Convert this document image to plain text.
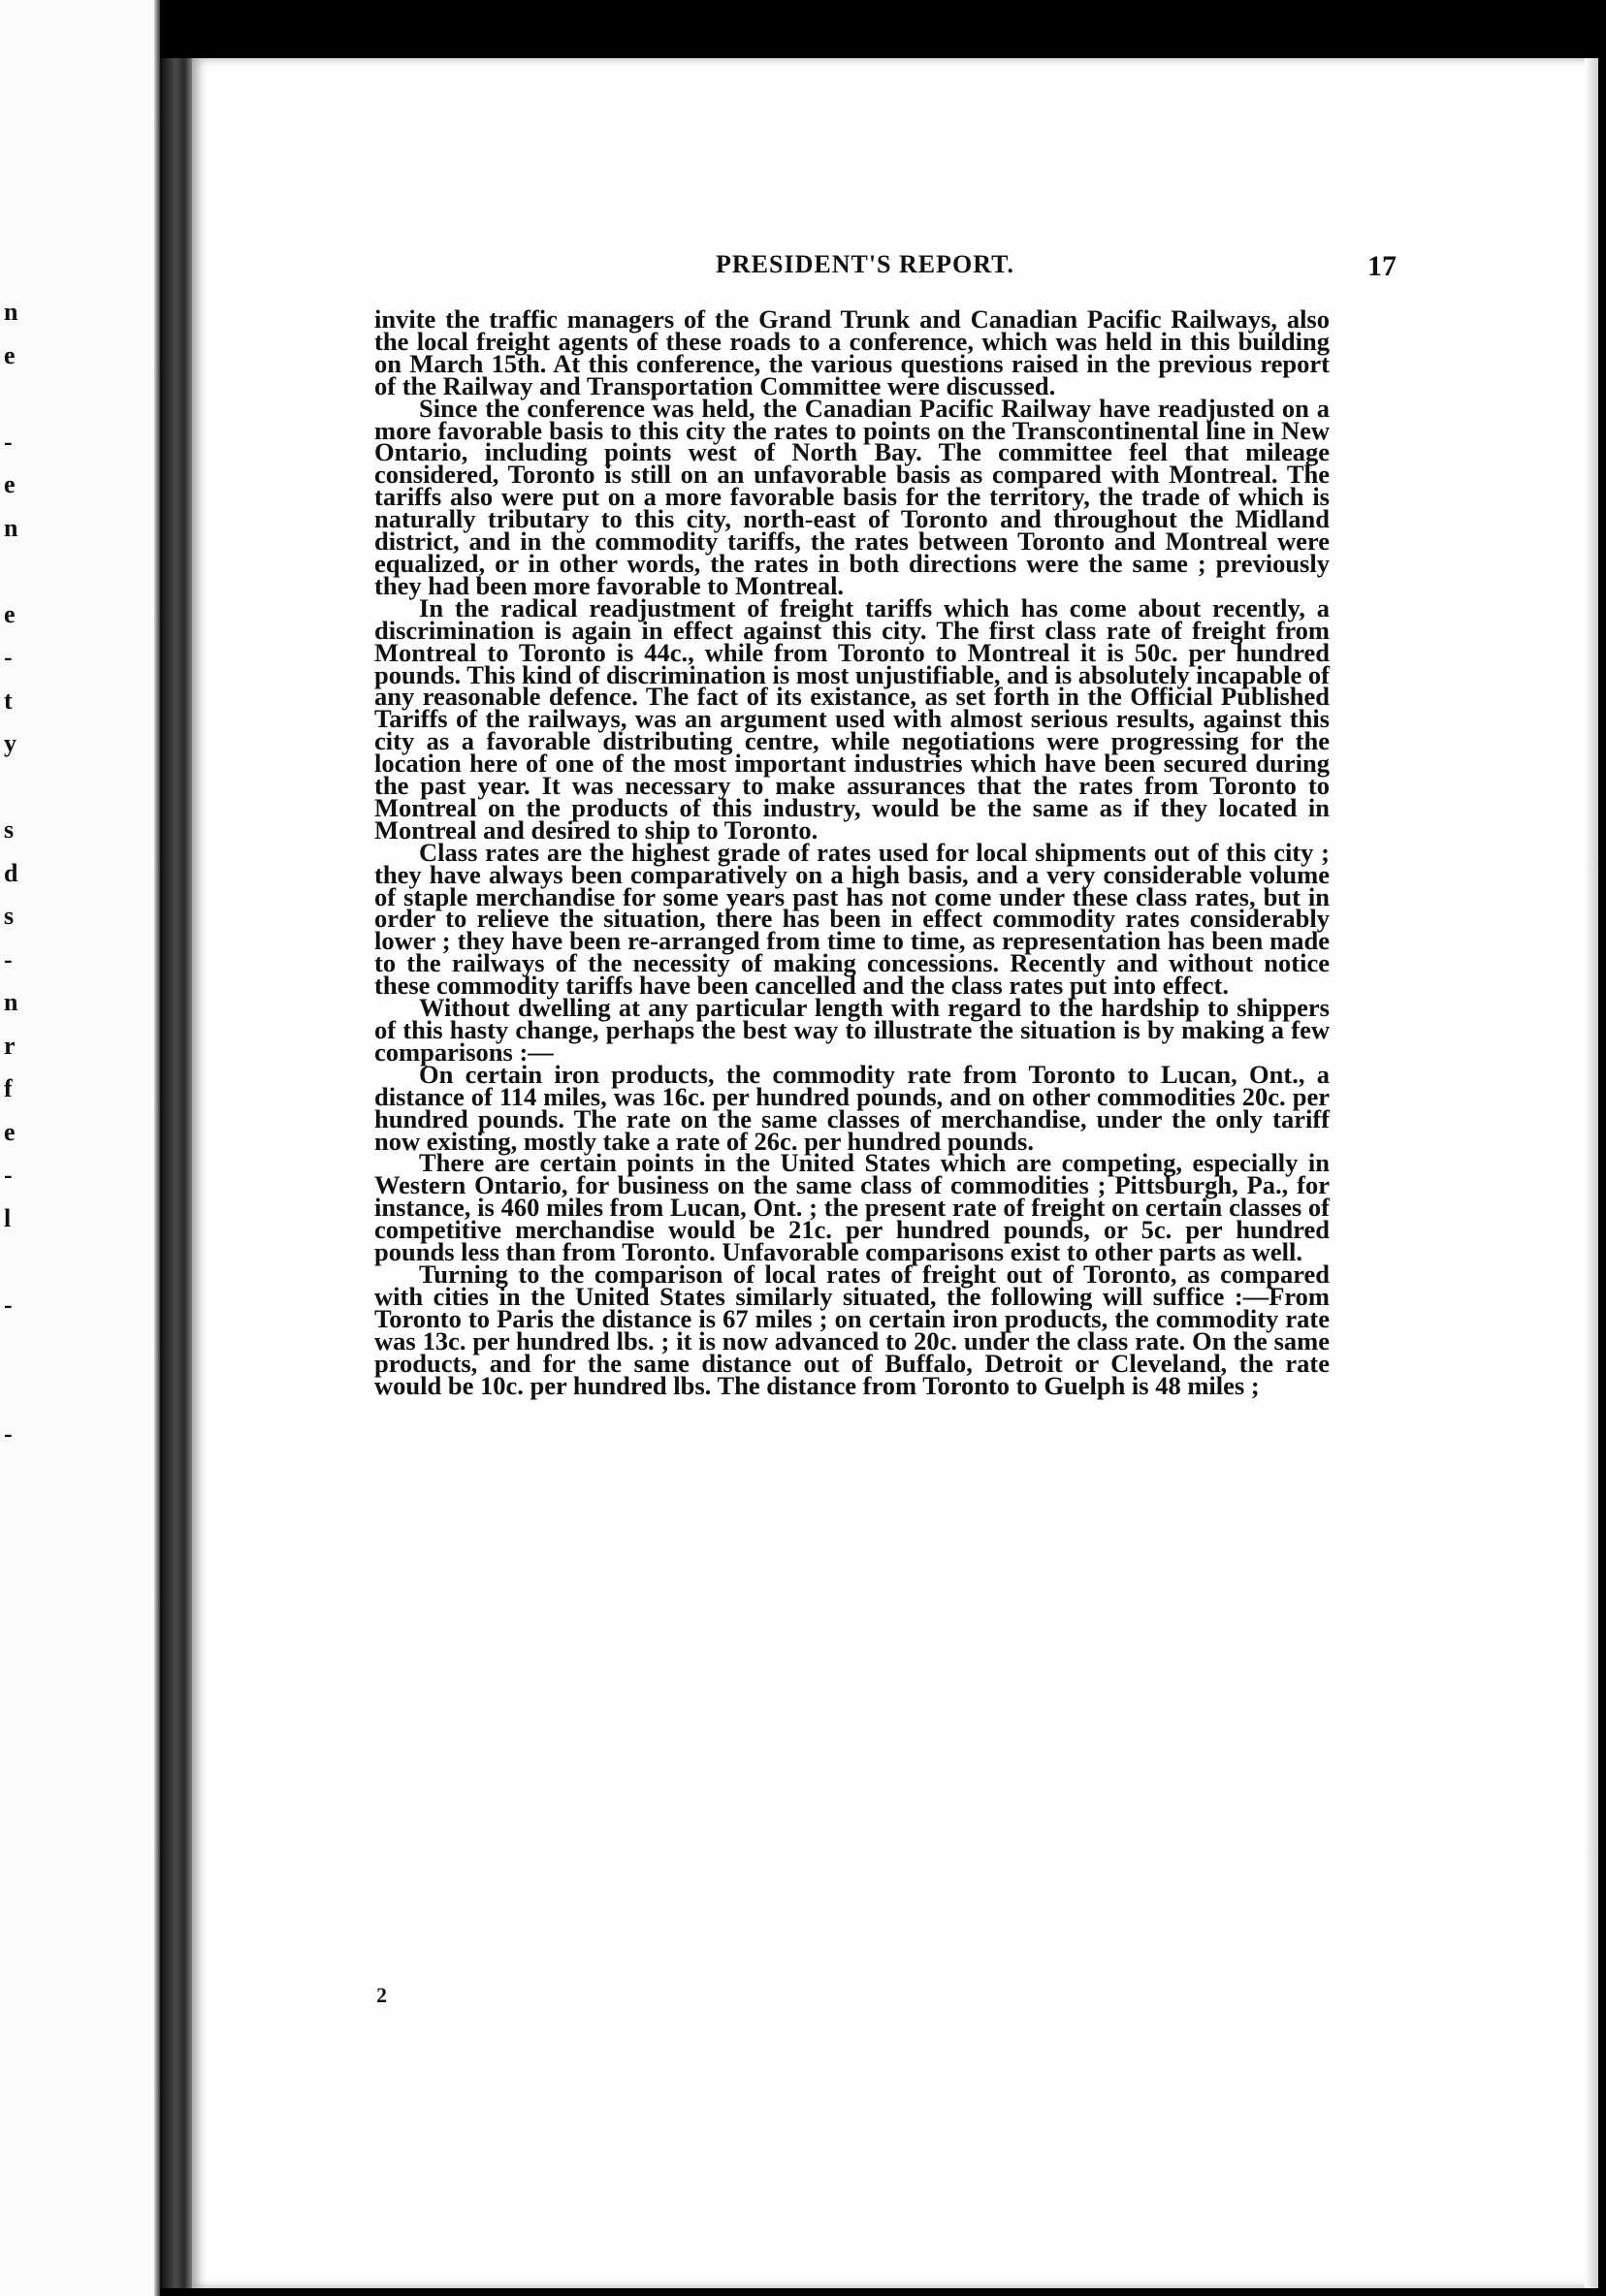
n
e
-
e
n
e
-
t
y
s
d
s
-
n
r
f
e
-
l
-
-
PRESIDENT'S REPORT.	17

invite the traffic managers of the Grand Trunk and Canadian Pacific Railways, also the local freight agents of these roads to a conference, which was held in this building on March 15th. At this conference, the various questions raised in the previous report of the Railway and Transportation Committee were discussed.

Since the conference was held, the Canadian Pacific Railway have readjusted on a more favorable basis to this city the rates to points on the Transcontinental line in New Ontario, including points west of North Bay. The committee feel that mileage considered, Toronto is still on an unfavorable basis as compared with Montreal. The tariffs also were put on a more favorable basis for the territory, the trade of which is naturally tributary to this city, north-east of Toronto and throughout the Midland district, and in the commodity tariffs, the rates between Toronto and Montreal were equalized, or in other words, the rates in both directions were the same ; previously they had been more favorable to Montreal.

In the radical readjustment of freight tariffs which has come about recently, a discrimination is again in effect against this city. The first class rate of freight from Montreal to Toronto is 44c., while from Toronto to Montreal it is 50c. per hundred pounds. This kind of discrimination is most unjustifiable, and is absolutely incapable of any reasonable defence. The fact of its existance, as set forth in the Official Published Tariffs of the railways, was an argument used with almost serious results, against this city as a favorable distributing centre, while negotiations were progressing for the location here of one of the most important industries which have been secured during the past year. It was necessary to make assurances that the rates from Toronto to Montreal on the products of this industry, would be the same as if they located in Montreal and desired to ship to Toronto.

Class rates are the highest grade of rates used for local shipments out of this city ; they have always been comparatively on a high basis, and a very considerable volume of staple merchandise for some years past has not come under these class rates, but in order to relieve the situation, there has been in effect commodity rates considerably lower ; they have been re-arranged from time to time, as representation has been made to the railways of the necessity of making concessions. Recently and without notice these commodity tariffs have been cancelled and the class rates put into effect.

Without dwelling at any particular length with regard to the hardship to shippers of this hasty change, perhaps the best way to illustrate the situation is by making a few comparisons :—

On certain iron products, the commodity rate from Toronto to Lucan, Ont., a distance of 114 miles, was 16c. per hundred pounds, and on other commodities 20c. per hundred pounds. The rate on the same classes of merchandise, under the only tariff now existing, mostly take a rate of 26c. per hundred pounds.

There are certain points in the United States which are competing, especially in Western Ontario, for business on the same class of commodities ; Pittsburgh, Pa., for instance, is 460 miles from Lucan, Ont. ; the present rate of freight on certain classes of competitive merchandise would be 21c. per hundred pounds, or 5c. per hundred pounds less than from Toronto. Unfavorable comparisons exist to other parts as well.

Turning to the comparison of local rates of freight out of Toronto, as compared with cities in the United States similarly situated, the following will suffice :—From Toronto to Paris the distance is 67 miles ; on certain iron products, the commodity rate was 13c. per hundred lbs. ; it is now advanced to 20c. under the class rate. On the same products, and for the same distance out of Buffalo, Detroit or Cleveland, the rate would be 10c. per hundred lbs. The distance from Toronto to Guelph is 48 miles ;

2
